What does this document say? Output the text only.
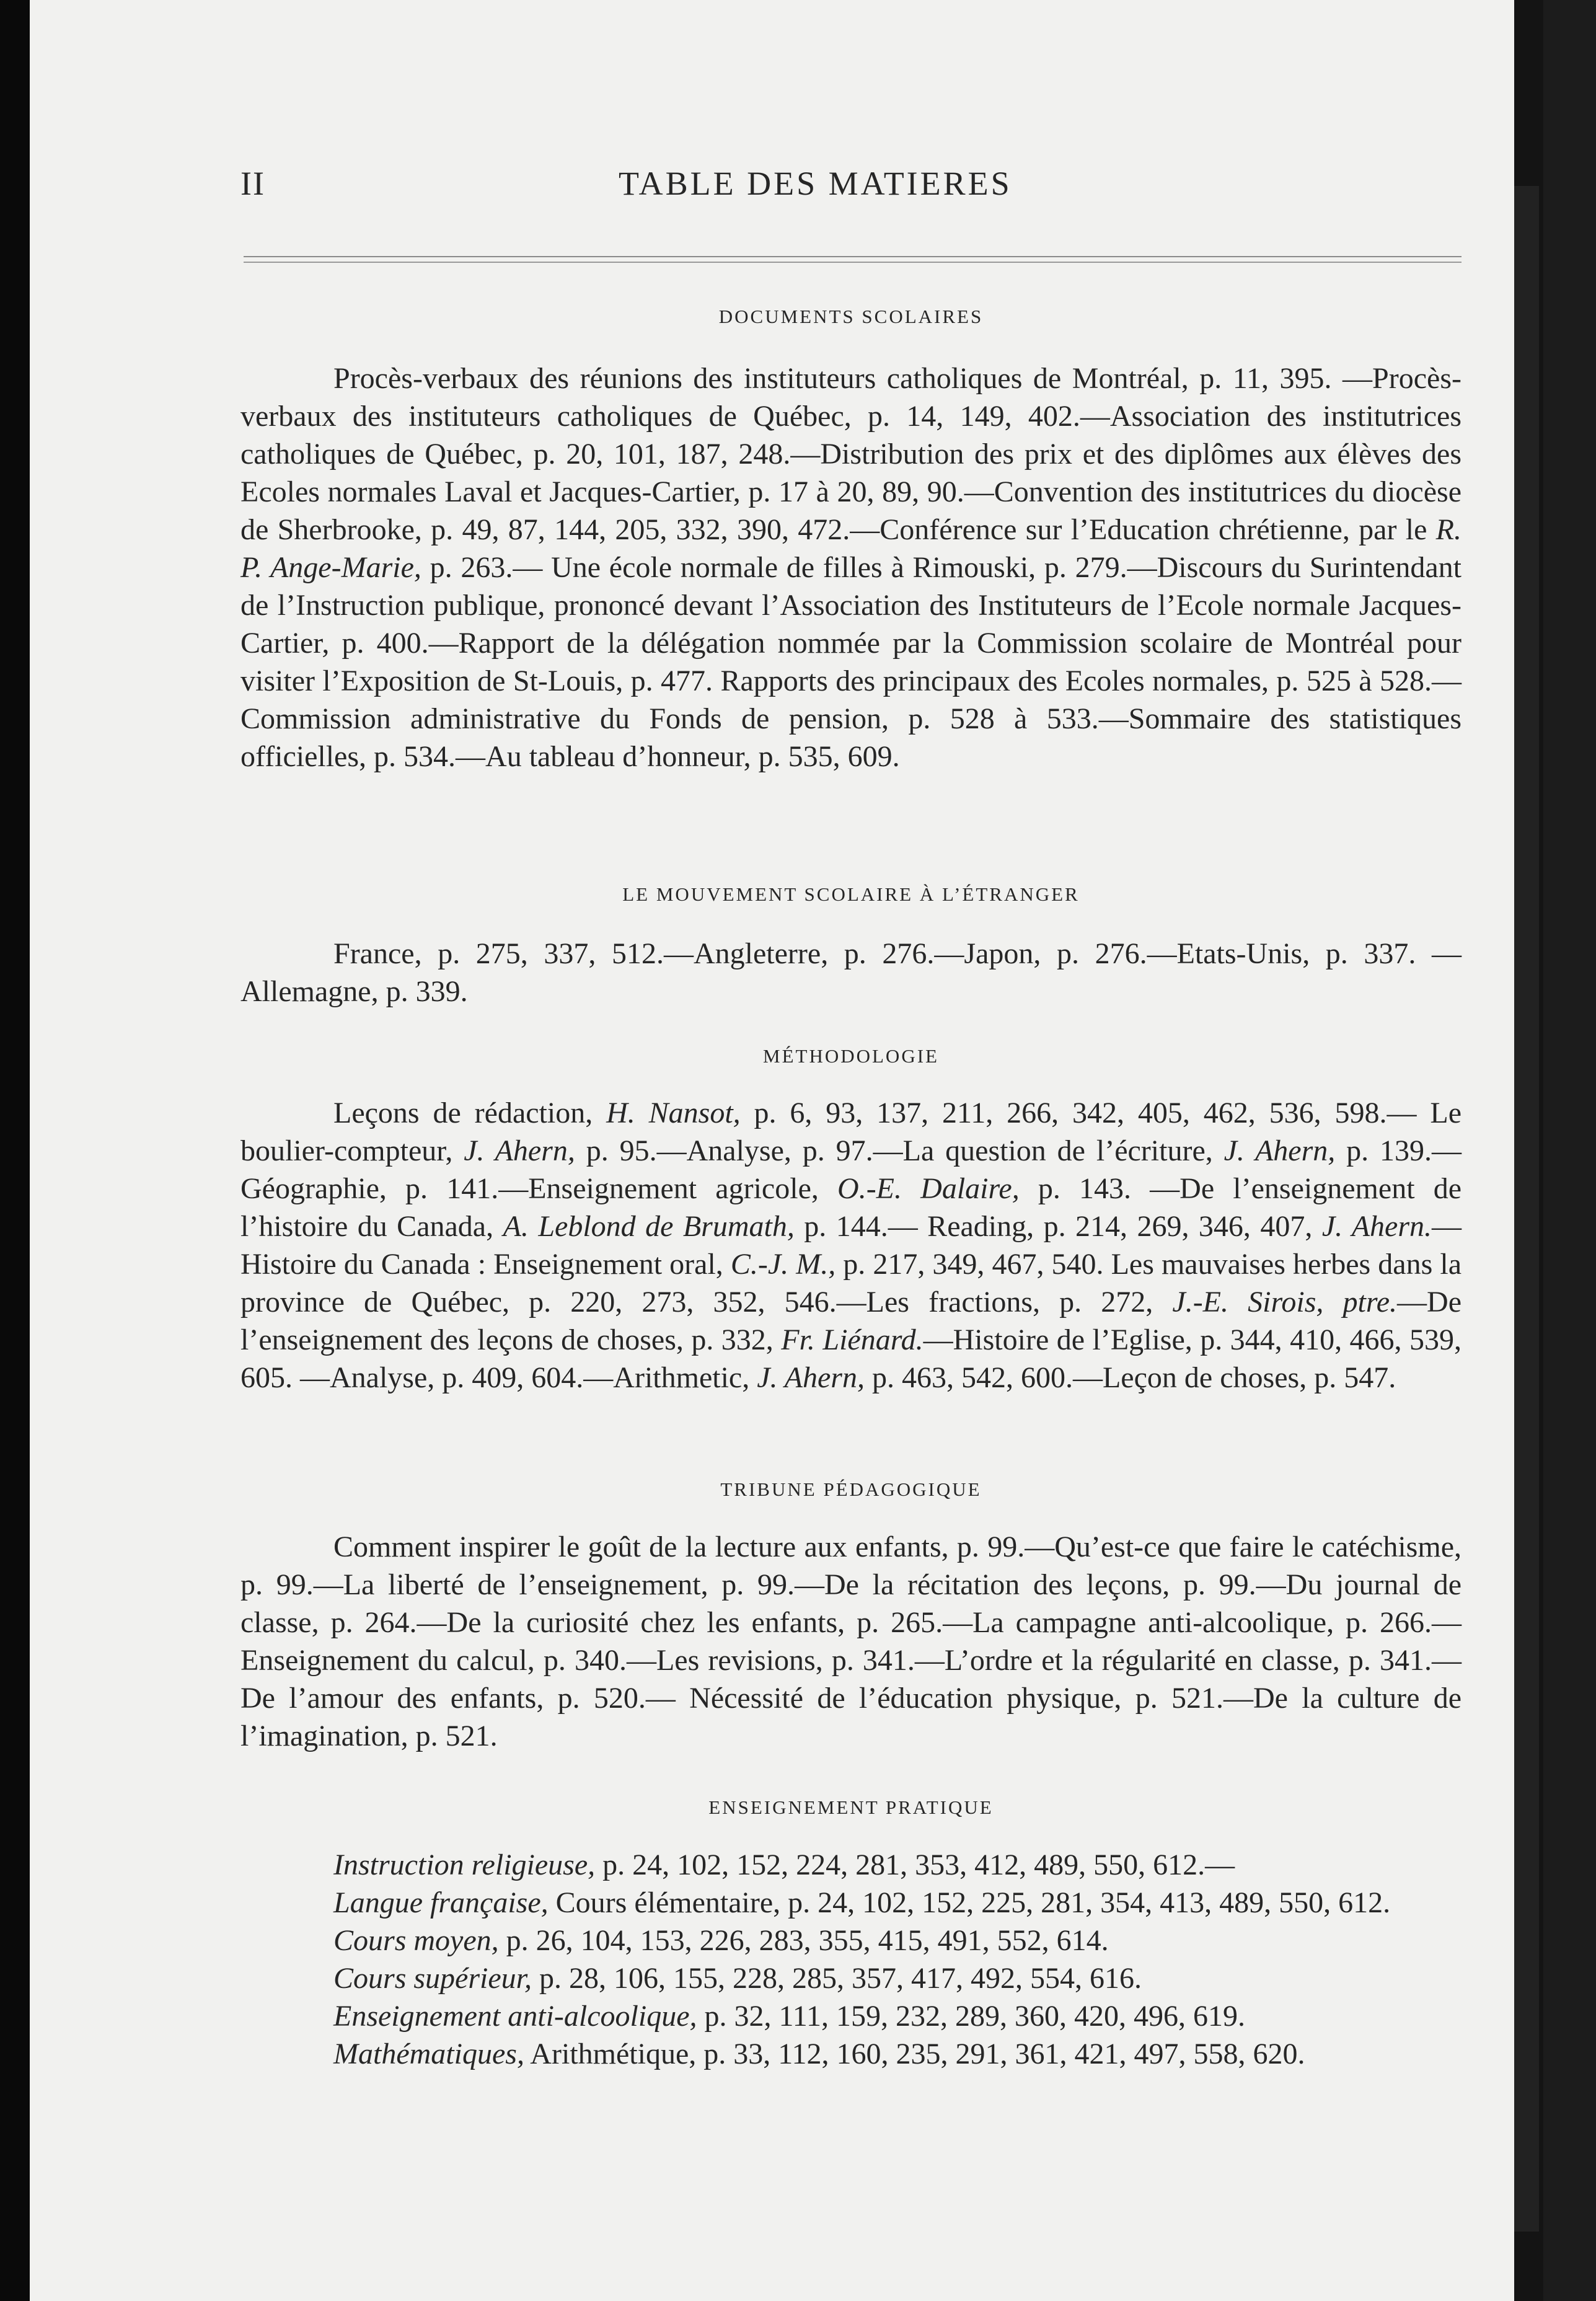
II	TABLE DES MATIERES
DOCUMENTS SCOLAIRES

Procès-verbaux des réunions des instituteurs catholiques de Montréal, p. 11, 395. —Procès-verbaux des instituteurs catholiques de Québec, p. 14, 149, 402.—Association des institutrices catholiques de Québec, p. 20, 101, 187, 248.—Distribution des prix et des diplômes aux élèves des Ecoles normales Laval et Jacques-Cartier, p. 17 à 20, 89, 90.—Convention des institutrices du diocèse de Sherbrooke, p. 49, 87, 144, 205, 332, 390, 472.—Conférence sur l’Education chrétienne, par le R. P. Ange-Marie, p. 263.— Une école normale de filles à Rimouski, p. 279.—Discours du Surintendant de l’Instruction publique, prononcé devant l’Association des Instituteurs de l’Ecole normale Jacques-Cartier, p. 400.—Rapport de la délégation nommée par la Commission scolaire de Montréal pour visiter l’Exposition de St-Louis, p. 477. Rapports des principaux des Ecoles normales, p. 525 à 528.—Commission administrative du Fonds de pension, p. 528 à 533.—Sommaire des statistiques officielles, p. 534.—Au tableau d’honneur, p. 535, 609.

LE MOUVEMENT SCOLAIRE À L’ÉTRANGER

France, p. 275, 337, 512.—Angleterre, p. 276.—Japon, p. 276.—Etats-Unis, p. 337. —Allemagne, p. 339.

MÉTHODOLOGIE

Leçons de rédaction, H. Nansot, p. 6, 93, 137, 211, 266, 342, 405, 462, 536, 598.— Le boulier-compteur, J. Ahern, p. 95.—Analyse, p. 97.—La question de l’écriture, J. Ahern, p. 139.—Géographie, p. 141.—Enseignement agricole, O.-E. Dalaire, p. 143. —De l’enseignement de l’histoire du Canada, A. Leblond de Brumath, p. 144.— Reading, p. 214, 269, 346, 407, J. Ahern.—Histoire du Canada : Enseignement oral, C.-J. M., p. 217, 349, 467, 540. Les mauvaises herbes dans la province de Québec, p. 220, 273, 352, 546.—Les fractions, p. 272, J.-E. Sirois, ptre.—De l’enseignement des leçons de choses, p. 332, Fr. Liénard.—Histoire de l’Eglise, p. 344, 410, 466, 539, 605. —Analyse, p. 409, 604.—Arithmetic, J. Ahern, p. 463, 542, 600.—Leçon de choses, p. 547.

TRIBUNE PÉDAGOGIQUE

Comment inspirer le goût de la lecture aux enfants, p. 99.—Qu’est-ce que faire le catéchisme, p. 99.—La liberté de l’enseignement, p. 99.—De la récitation des leçons, p. 99.—Du journal de classe, p. 264.—De la curiosité chez les enfants, p. 265.—La campagne anti-alcoolique, p. 266.—Enseignement du calcul, p. 340.—Les revisions, p. 341.—L’ordre et la régularité en classe, p. 341.—De l’amour des enfants, p. 520.— Nécessité de l’éducation physique, p. 521.—De la culture de l’imagination, p. 521.

ENSEIGNEMENT PRATIQUE
Instruction religieuse, p. 24, 102, 152, 224, 281, 353, 412, 489, 550, 612.—
Langue française, Cours élémentaire, p. 24, 102, 152, 225, 281, 354, 413, 489, 550, 612.
Cours moyen, p. 26, 104, 153, 226, 283, 355, 415, 491, 552, 614.
Cours supérieur, p. 28, 106, 155, 228, 285, 357, 417, 492, 554, 616.
Enseignement anti-alcoolique, p. 32, 111, 159, 232, 289, 360, 420, 496, 619.
Mathématiques, Arithmétique, p. 33, 112, 160, 235, 291, 361, 421, 497, 558, 620.
